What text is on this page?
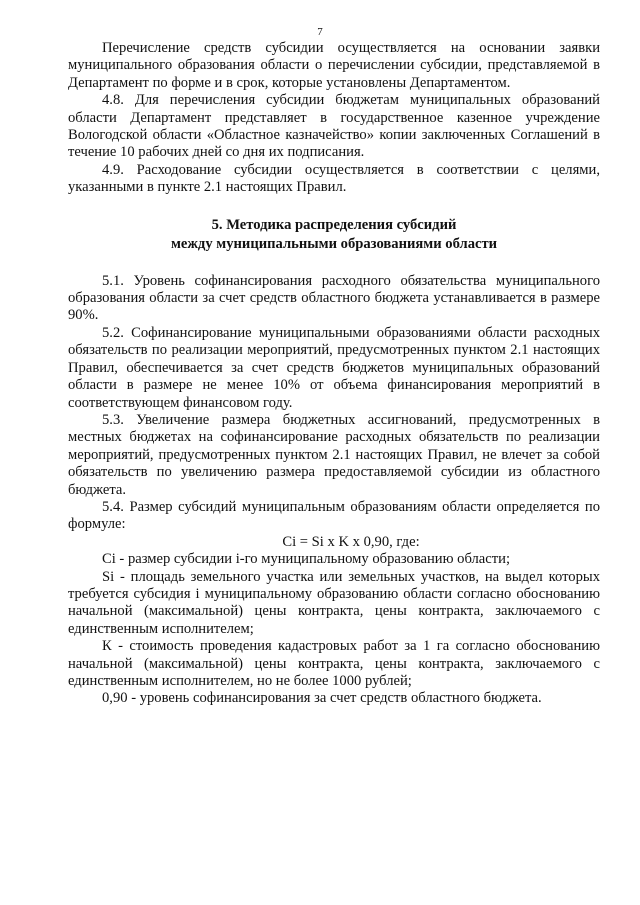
7

Перечисление средств субсидии осуществляется на основании заявки муниципального образования области о перечислении субсидии, представляемой в Департамент по форме и в срок, которые установлены Департаментом.

4.8. Для перечисления субсидии бюджетам муниципальных образований области Департамент представляет в государственное казенное учреждение Вологодской области «Областное казначейство» копии заключенных Соглашений в течение 10 рабочих дней со дня их подписания.

4.9. Расходование субсидии осуществляется в соответствии с целями, указанными в пункте 2.1 настоящих Правил.

5. Методика распределения субсидий
между муниципальными образованиями области

5.1. Уровень софинансирования расходного обязательства муниципального образования области за счет средств областного бюджета устанавливается в размере 90%.

5.2. Софинансирование муниципальными образованиями области расходных обязательств по реализации мероприятий, предусмотренных пунктом 2.1 настоящих Правил, обеспечивается за счет средств бюджетов муниципальных образований области в размере не менее 10% от объема финансирования мероприятий в соответствующем финансовом году.

5.3. Увеличение размера бюджетных ассигнований, предусмотренных в местных бюджетах на софинансирование расходных обязательств по реализации мероприятий, предусмотренных пунктом 2.1 настоящих Правил, не влечет за собой обязательств по увеличению размера предоставляемой субсидии из областного бюджета.

5.4. Размер субсидий муниципальным образованиям области определяется по формуле:

Ci = Si x K x 0,90, где:

Ci - размер субсидии i-го муниципальному образованию области;

Si - площадь земельного участка или земельных участков, на выдел которых требуется субсидия i муниципальному образованию области согласно обоснованию начальной (максимальной) цены контракта, цены контракта, заключаемого с единственным исполнителем;

К - стоимость проведения кадастровых работ за 1 га согласно обоснованию начальной (максимальной) цены контракта, цены контракта, заключаемого с единственным исполнителем, но не более 1000 рублей;

0,90 - уровень софинансирования за счет средств областного бюджета.
